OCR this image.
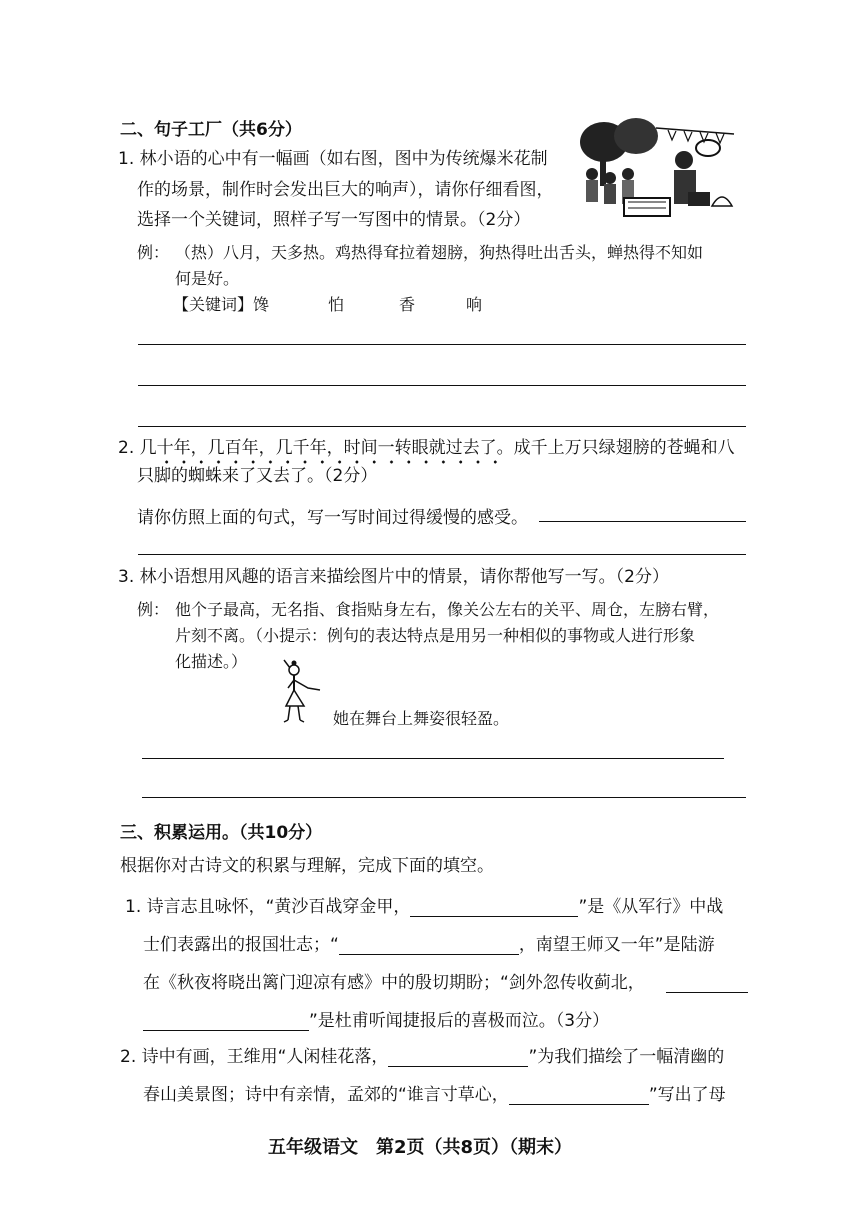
二、句子工厂（共6分）
1. 林小语的心中有一幅画（如右图，图中为传统爆米花制
作的场景，制作时会发出巨大的响声），请你仔细看图，
选择一个关键词，照样子写一写图中的情景。（2分）
例： （热）八月，天多热。鸡热得耷拉着翅膀，狗热得吐出舌头，蝉热得不知如
何是好。
【关键词】 馋	怕	香	响
2. 几十年，几百年，几千年，时间一转眼就过去了。成千上万只绿翅膀的苍蝇和八
只脚的蜘蛛来了又去了。（2分）
请你仿照上面的句式，写一写时间过得缓慢的感受。
3. 林小语想用风趣的语言来描绘图片中的情景，请你帮他写一写。（2分）
例： 他个子最高，无名指、食指贴身左右，像关公左右的关平、周仓，左膀右臂，
片刻不离。（小提示：例句的表达特点是用另一种相似的事物或人进行形象
化描述。）
她在舞台上舞姿很轻盈。
三、积累运用。（共10分）
根据你对古诗文的积累与理解，完成下面的填空。
1. 诗言志且咏怀，“黄沙百战穿金甲，	”是《从军行》中战
士们表露出的报国壮志；“	，南望王师又一年”是陆游
在《秋夜将晓出篱门迎凉有感》中的殷切期盼；“剑外忽传收蓟北，
”是杜甫听闻捷报后的喜极而泣。（3分）
2. 诗中有画，王维用“人闲桂花落，	”为我们描绘了一幅清幽的
春山美景图；诗中有亲情，孟郊的“谁言寸草心，	”写出了母
五年级语文　第2页（共8页）（期末）
